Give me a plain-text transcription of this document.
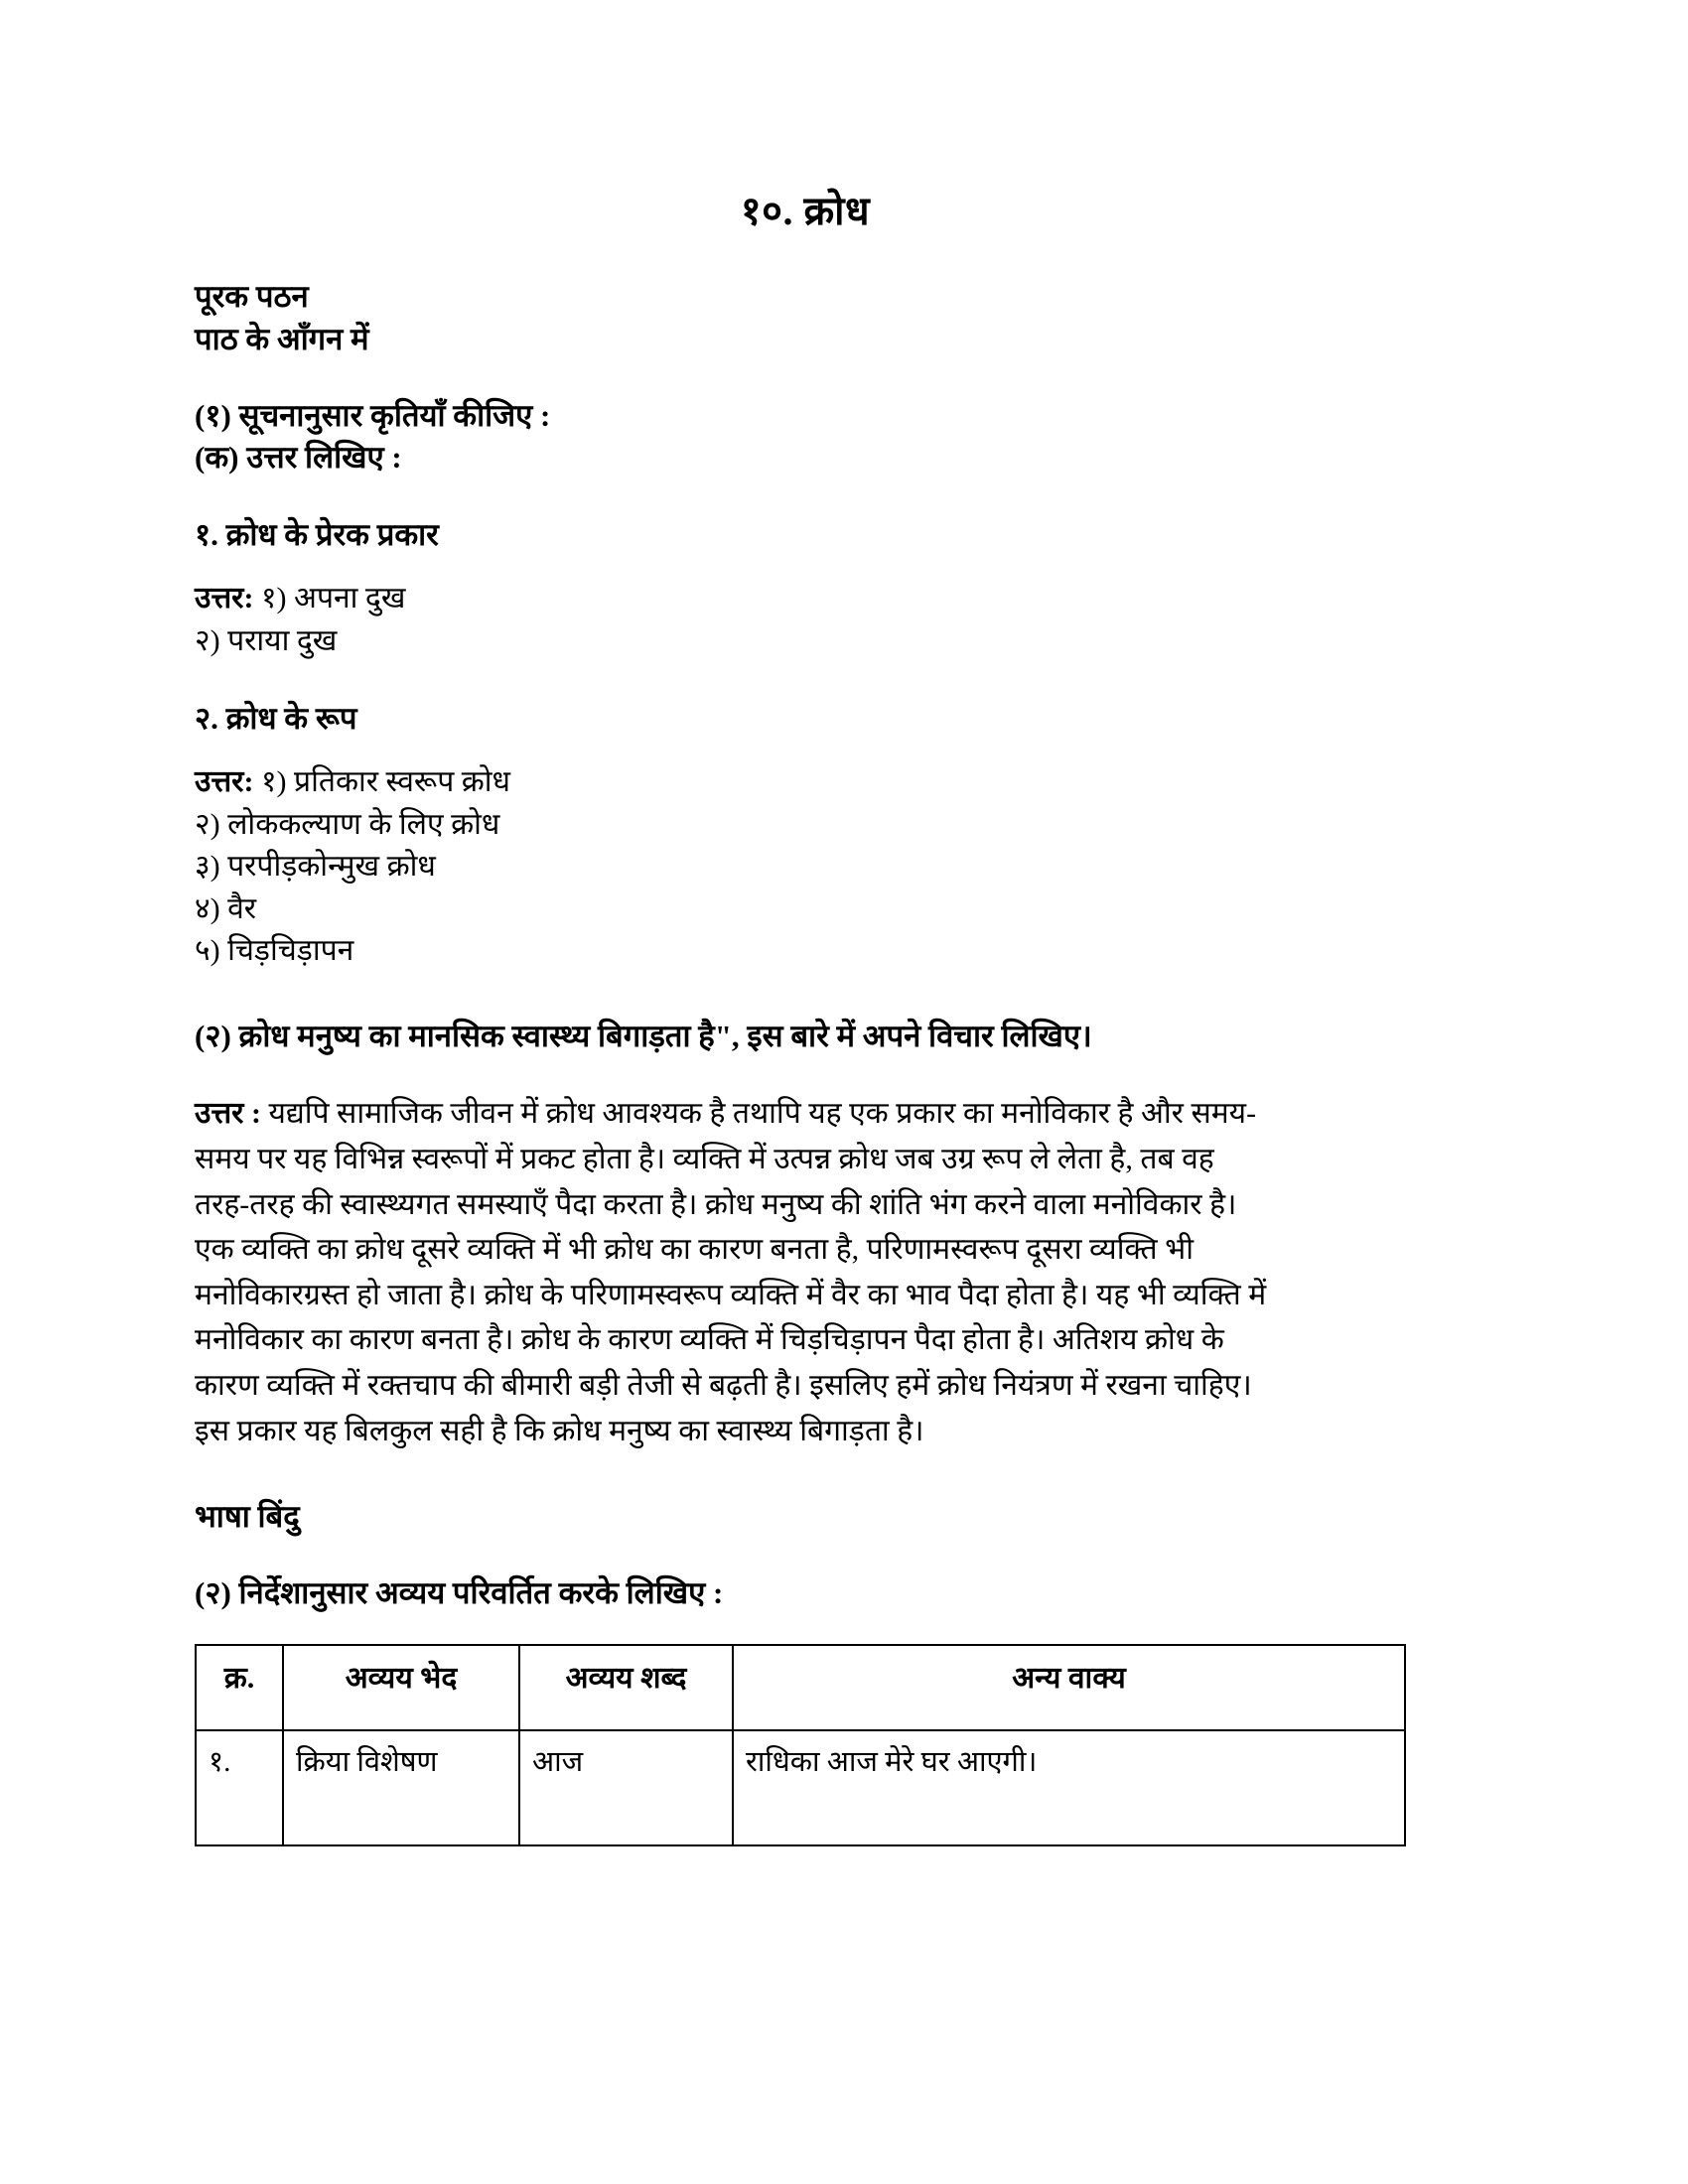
१०. क्रोध
पूरक पठन
पाठ के आँगन में
(१) सूचनानुसार कृतियाँ कीजिए :
(क) उत्तर लिखिए :
१. क्रोध के प्रेरक प्रकार
उत्तर: १) अपना दुख
२) पराया दुख
२. क्रोध के रूप
उत्तर: १) प्रतिकार स्वरूप क्रोध
२) लोककल्याण के लिए क्रोध
३) परपीड़कोन्मुख क्रोध
४) वैर
५) चिड़चिड़ापन
(२) क्रोध मनुष्य का मानसिक स्वास्थ्य बिगाड़ता है", इस बारे में अपने विचार लिखिए।
उत्तर : यद्यपि सामाजिक जीवन में क्रोध आवश्यक है तथापि यह एक प्रकार का मनोविकार है और समय-
समय पर यह विभिन्न स्वरूपों में प्रकट होता है। व्यक्ति में उत्पन्न क्रोध जब उग्र रूप ले लेता है, तब वह
तरह-तरह की स्वास्थ्यगत समस्याएँ पैदा करता है। क्रोध मनुष्य की शांति भंग करने वाला मनोविकार है।
एक व्यक्ति का क्रोध दूसरे व्यक्ति में भी क्रोध का कारण बनता है, परिणामस्वरूप दूसरा व्यक्ति भी
मनोविकारग्रस्त हो जाता है। क्रोध के परिणामस्वरूप व्यक्ति में वैर का भाव पैदा होता है। यह भी व्यक्ति में
मनोविकार का कारण बनता है। क्रोध के कारण व्यक्ति में चिड़चिड़ापन पैदा होता है। अतिशय क्रोध के
कारण व्यक्ति में रक्तचाप की बीमारी बड़ी तेजी से बढ़ती है। इसलिए हमें क्रोध नियंत्रण में रखना चाहिए।
इस प्रकार यह बिलकुल सही है कि क्रोध मनुष्य का स्वास्थ्य बिगाड़ता है।
भाषा बिंदु
(२) निर्देशानुसार अव्यय परिवर्तित करके लिखिए :
क्र.	अव्यय भेद	अव्यय शब्द	अन्य वाक्य
१.	क्रिया विशेषण	आज	राधिका आज मेरे घर आएगी।
